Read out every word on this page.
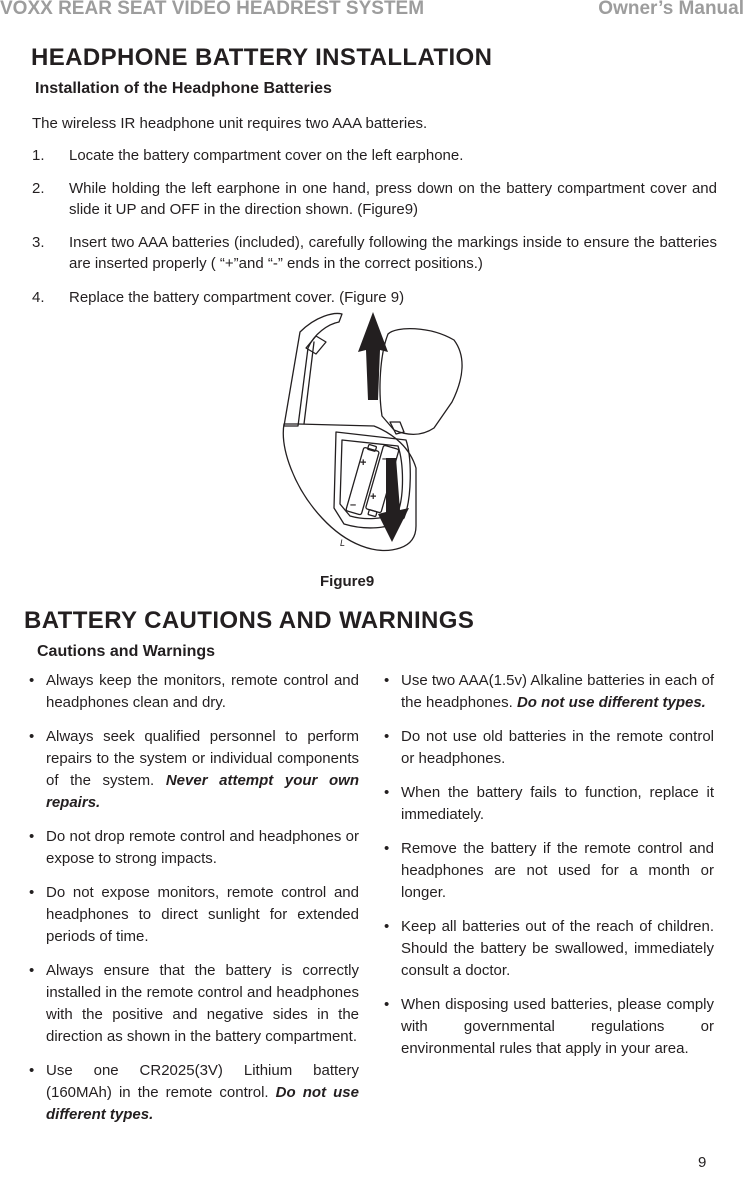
VOXX REAR SEAT VIDEO HEADREST SYSTEM	Owner’s Manual
HEADPHONE BATTERY INSTALLATION
Installation of the Headphone Batteries
The wireless IR headphone unit requires two AAA batteries.
1. Locate the battery compartment cover on the left earphone.
2. While holding the left earphone in one hand, press down on the battery compartment cover and slide it UP and OFF in the direction shown. (Figure9)
3. Insert two AAA batteries (included), carefully following the markings inside to ensure the batteries are inserted properly ( “+”and “-” ends in the correct positions.)
4. Replace the battery compartment cover. (Figure 9)
+ –
–
+
L
Figure9
BATTERY CAUTIONS AND WARNINGS
Cautions and Warnings
• Always keep the monitors, remote control and headphones clean and dry.
• Always seek qualified personnel to perform repairs to the system or individual components of the system. Never attempt your own repairs.
• Do not drop remote control and headphones or expose to strong impacts.
• Do not expose monitors, remote control and headphones to direct sunlight for extended periods of time.
• Always ensure that the battery is correctly installed in the remote control and headphones with the positive and negative sides in the direction as shown in the battery compartment.
• Use one CR2025(3V) Lithium battery (160MAh) in the remote control. Do not use different types.
• Use two AAA(1.5v) Alkaline batteries in each of the headphones. Do not use different types.
• Do not use old batteries in the remote control or headphones.
• When the battery fails to function, replace it immediately.
• Remove the battery if the remote control and headphones are not used for a month or longer.
• Keep all batteries out of the reach of children. Should the battery be swallowed, immediately consult a doctor.
• When disposing used batteries, please comply with governmental regulations or environmental rules that apply in your area.
9
